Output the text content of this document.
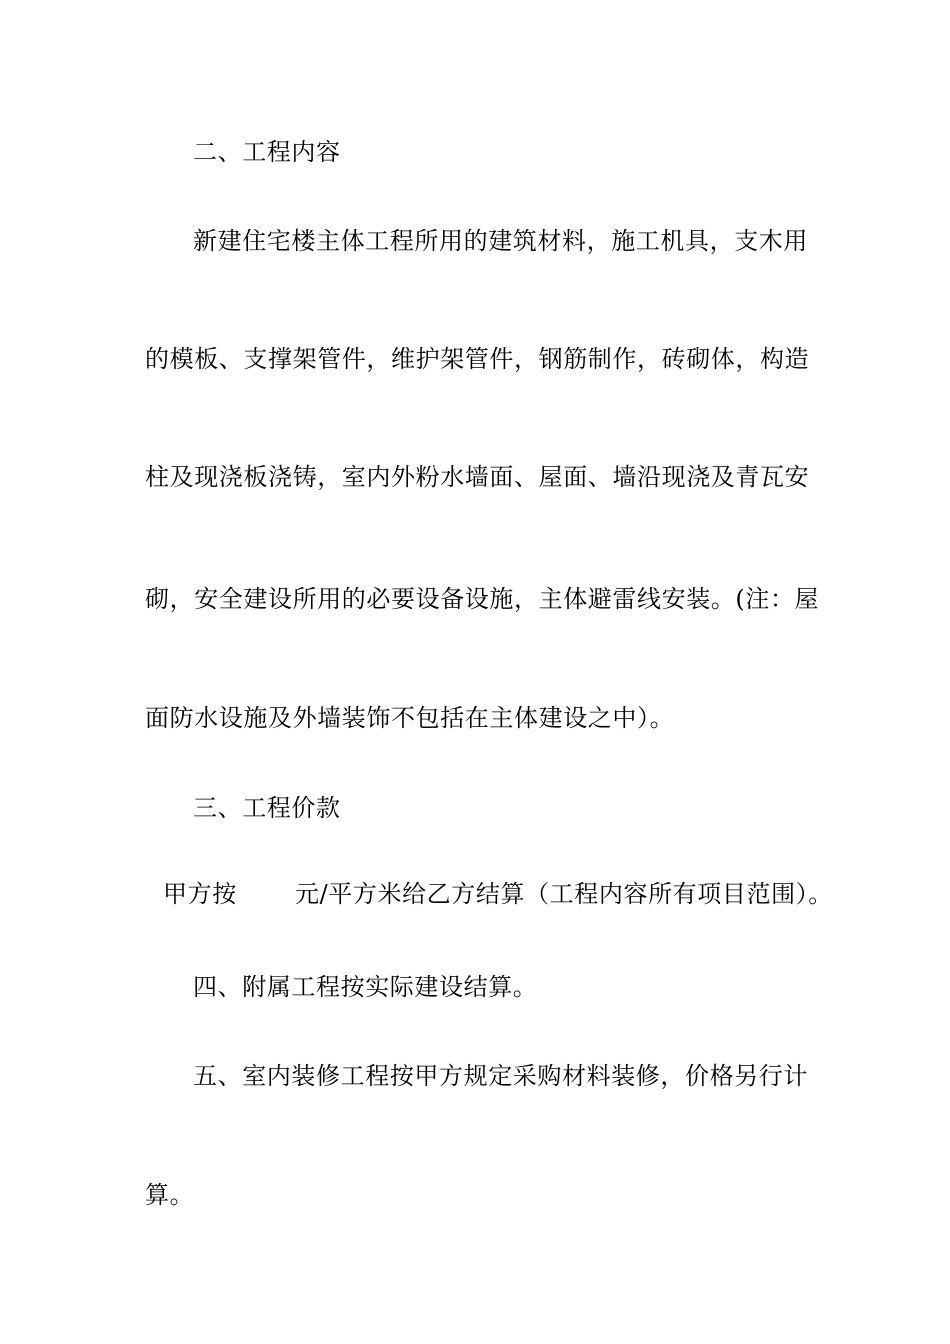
二、工程内容
新建住宅楼主体工程所用的建筑材料，施工机具，支木用
的模板、支撑架管件，维护架管件，钢筋制作，砖砌体，构造
柱及现浇板浇铸，室内外粉水墙面、屋面、墙沿现浇及青瓦安
砌，安全建设所用的必要设备设施，主体避雷线安装。(注：屋
面防水设施及外墙装饰不包括在主体建设之中）。
三、工程价款
甲方按 元/平方米给乙方结算（工程内容所有项目范围）。
四、附属工程按实际建设结算。
五、室内装修工程按甲方规定采购材料装修，价格另行计
算。
